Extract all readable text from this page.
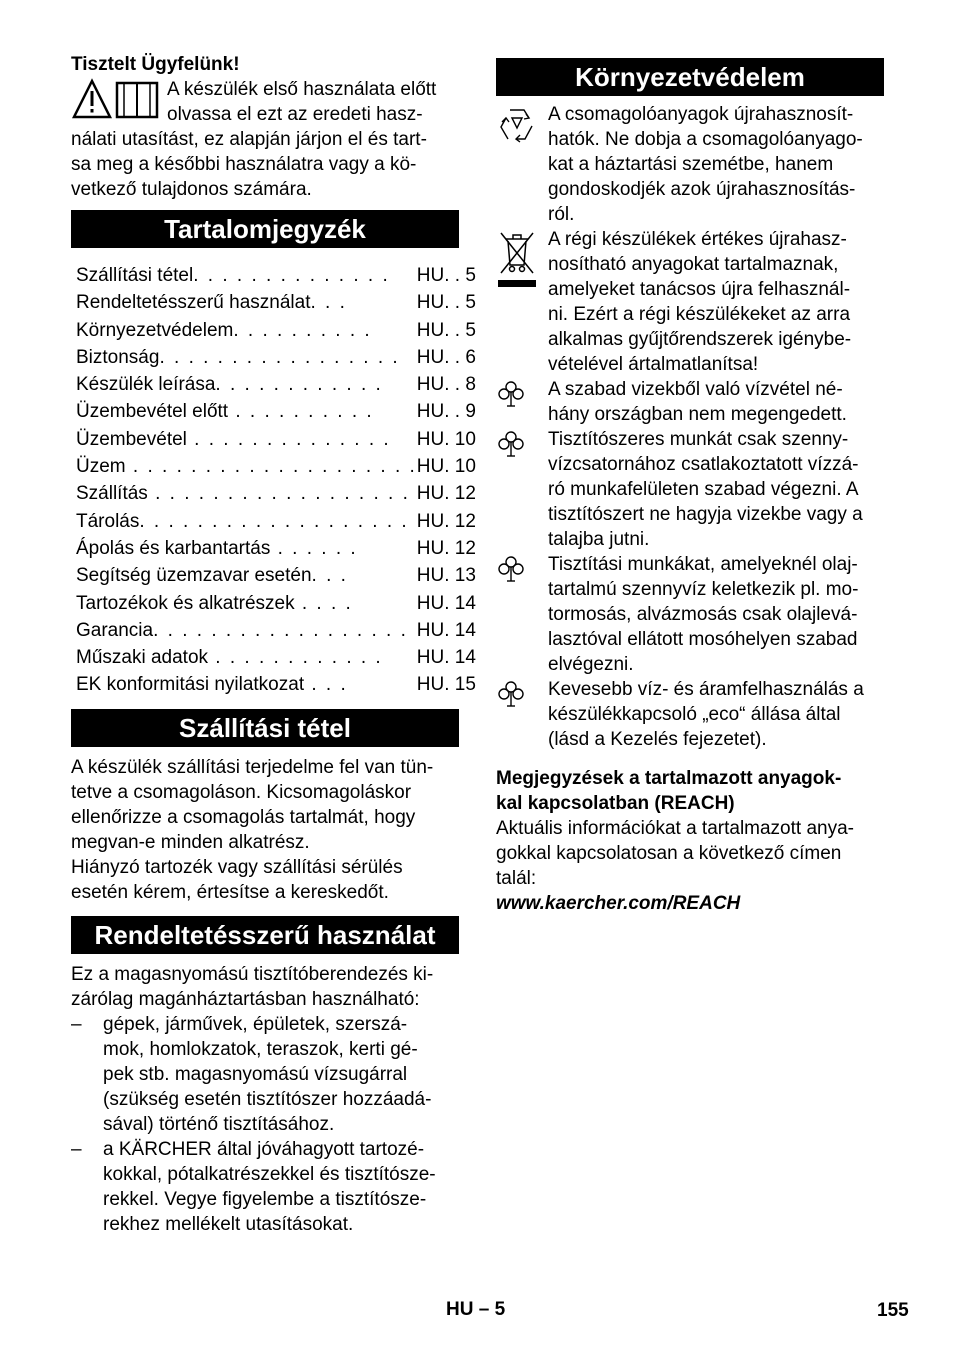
Tisztelt Ügyfelünk!

A készülék első használata előtt

olvassa el ezt az eredeti hasz-

nálati utasítást, ez alapján járjon el és tart-

sa meg a későbbi használatra vagy a kö-

vetkező tulajdonos számára.

Tartalomjegyzék
Szállítási tétel. . . . . . . . . . . . . .	HU	. . 5
Rendeltetésszerű használat. . .	HU	. . 5
Környezetvédelem. . . . . . . . . .	HU	. . 5
Biztonság. . . . . . . . . . . . . . . . .	HU	. . 6
Készülék leírása. . . . . . . . . . . .	HU	. . 8
Üzembevétel előtt . . . . . . . . . .	HU	. . 9
Üzembevétel . . . . . . . . . . . . . .	HU	. 10
Üzem . . . . . . . . . . . . . . . . . . . .	HU	. 10
Szállítás . . . . . . . . . . . . . . . . . .	HU	. 12
Tárolás. . . . . . . . . . . . . . . . . . .	HU	. 12
Ápolás és karbantartás . . . . . .	HU	. 12
Segítség üzemzavar esetén. . .	HU	. 13
Tartozékok és alkatrészek . . . .	HU	. 14
Garancia. . . . . . . . . . . . . . . . . .	HU	. 14
Műszaki adatok . . . . . . . . . . . .	HU	. 14
EK konformitási nyilatkozat . . .	HU	. 15
Szállítási tétel

A készülék szállítási terjedelme fel van tün-

tetve a csomagoláson. Kicsomagoláskor

ellenőrizze a csomagolás tartalmát, hogy

megvan-e minden alkatrész.

Hiányzó tartozék vagy szállítási sérülés

esetén kérem, értesítse a kereskedőt.

Rendeltetésszerű használat

Ez a magasnyomású tisztítóberendezés ki-

zárólag magánháztartásban használható:

– gépek, járművek, épületek, szerszá-
mok, homlokzatok, teraszok, kerti gé-
pek stb. magasnyomású vízsugárral
(szükség esetén tisztítószer hozzáadá-
sával) történő tisztításához.
– a KÄRCHER által jóváhagyott tartozé-
kokkal, pótalkatrészekkel és tisztítósze-
rekkel. Vegye figyelembe a tisztítósze-
rekhez mellékelt utasításokat.
Környezetvédelem

A csomagolóanyagok újrahasznosít-

hatók. Ne dobja a csomagolóanyago-

kat a háztartási szemétbe, hanem

gondoskodjék azok újrahasznosítás-

ról.

A régi készülékek értékes újrahasz-

nosítható anyagokat tartalmaznak,

amelyeket tanácsos újra felhasznál-

ni. Ezért a régi készülékeket az arra

alkalmas gyűjtőrendszerek igénybe-

vételével ártalmatlanítsa!

A szabad vizekből való vízvétel né-

hány országban nem megengedett.

Tisztítószeres munkát csak szenny-

vízcsatornához csatlakoztatott vízzá-

ró munkafelületen szabad végezni. A

tisztítószert ne hagyja vizekbe vagy a

talajba jutni.

Tisztítási munkákat, amelyeknél olaj-

tartalmú szennyvíz keletkezik pl. mo-

tormosás, alvázmosás csak olajlevá-

lasztóval ellátott mosóhelyen szabad

elvégezni.

Kevesebb víz- és áramfelhasználás a

készülékkapcsoló „eco“ állása által

(lásd a Kezelés fejezetet).

Megjegyzések a tartalmazott anyagok-

kal kapcsolatban (REACH)

Aktuális információkat a tartalmazott anya-

gokkal kapcsolatosan a következő címen

talál:

www.kaercher.com/REACH

HU – 5	155
